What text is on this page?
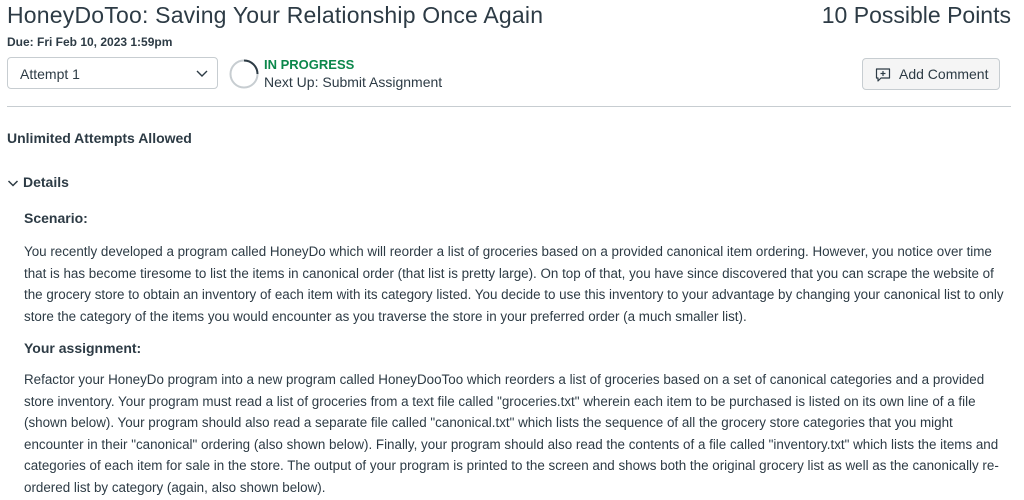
HoneyDoToo: Saving Your Relationship Once Again	10 Possible Points
Due: Fri Feb 10, 2023 1:59pm
Attempt 1
IN PROGRESS
Next Up: Submit Assignment	Add Comment
Unlimited Attempts Allowed
Details
Scenario:

You recently developed a program called HoneyDo which will reorder a list of groceries based on a provided canonical item ordering. However, you notice over time that is has become tiresome to list the items in canonical order (that list is pretty large). On top of that, you have since discovered that you can scrape the website of the grocery store to obtain an inventory of each item with its category listed. You decide to use this inventory to your advantage by changing your canonical list to only store the category of the items you would encounter as you traverse the store in your preferred order (a much smaller list).

Your assignment:

Refactor your HoneyDo program into a new program called HoneyDooToo which reorders a list of groceries based on a set of canonical categories and a provided store inventory. Your program must read a list of groceries from a text file called "groceries.txt" wherein each item to be purchased is listed on its own line of a file (shown below). Your program should also read a separate file called "canonical.txt" which lists the sequence of all the grocery store categories that you might encounter in their "canonical" ordering (also shown below). Finally, your program should also read the contents of a file called "inventory.txt" which lists the items and categories of each item for sale in the store. The output of your program is printed to the screen and shows both the original grocery list as well as the canonically re-ordered list by category (again, also shown below).
